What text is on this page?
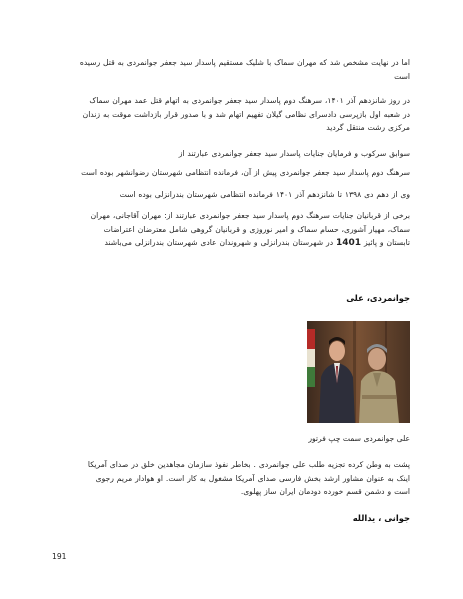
اما در نهایت مشخص شد که مهران سماک با شلیک مستقیم پاسدار سید جعفر جوانمردی به قتل رسیده
است
در روز شانزدهم آذر ۱۴۰۱، سرهنگ دوم پاسدار سید جعفر جوانمردی به اتهام قتل عمد مهران سماک
در شعبه اول بازپرسی دادسرای نظامی گیلان تفهیم اتهام شد و با صدور قرار بازداشت موقت به زندان
مرکزی رشت منتقل گردید
سوابق سرکوب و فرمایان جنایات پاسدار سید جعفر جوانمردی عبارتند از
سرهنگ دوم پاسدار سید جعفر جوانمردی پیش از آن، فرمانده انتظامی شهرستان رضوانشهر بوده است
وی از دهم دی ۱۳۹۸ تا شانزدهم آذر ۱۴۰۱ فرمانده انتظامی شهرستان بندرانزلی بوده است
برخی از قربانیان جنایات سرهنگ دوم پاسدار سید جعفر جوانمردی عبارتند از: مهران آقاجانی، مهران
سماک، مهیار آشوری، حسام سماک و امیر نوروزی و قربانیان گروهی شامل معترضان اعتراضات
تابستان و پائیز 1401 در شهرستان بندرانزلی و شهروندان عادی شهرستان بندرانزلی می‌باشند
جوانمردی، علی
علی جوانمردی سمت چپ فرتور
پشت به وطن کرده تجزیه طلب علی جوانمردی . بخاطر نفوذ سازمان مجاهدین خلق در صدای آمریکا
اینک به عنوان مشاور ارشد بخش فارسی صدای آمریکا مشغول به کار است. او هوادار مریم رجوی
است و دشمن قسم خورده دودمان ایران ساز پهلوی.
جوانی ، یدالله
191
